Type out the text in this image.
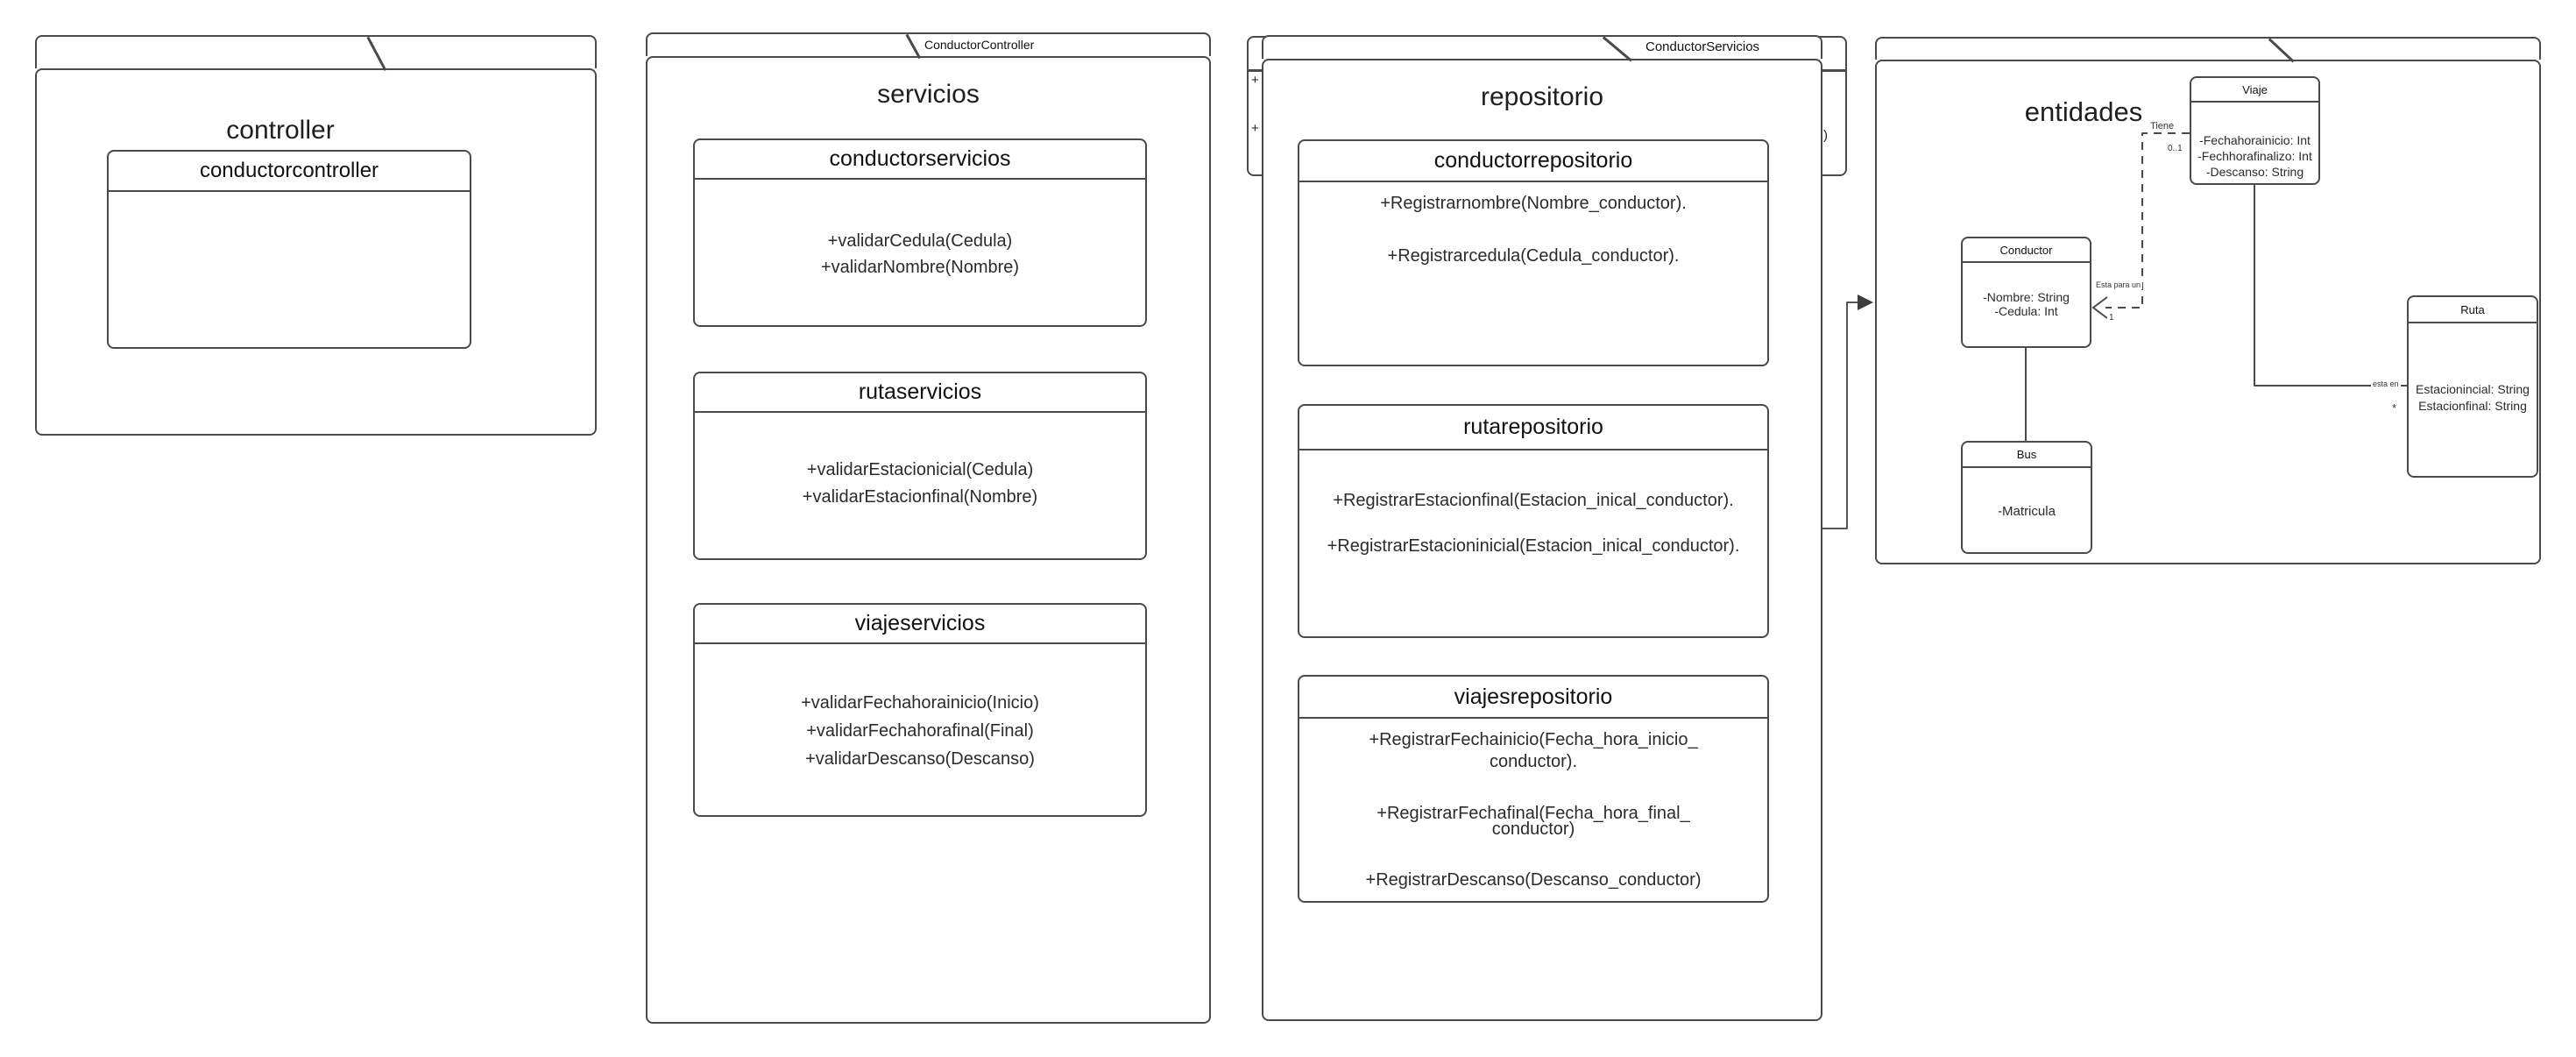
+
+	)
controller
conductorcontroller
ConductorController
servicios
conductorservicios
+validarCedula(Cedula)
+validarNombre(Nombre)
rutaservicios
+validarEstacionicial(Cedula)
+validarEstacionfinal(Nombre)
viajeservicios
+validarFechahorainicio(Inicio)
+validarFechahorafinal(Final)
+validarDescanso(Descanso)
ConductorServicios
repositorio
conductorrepositorio
+Registrarnombre(Nombre_conductor).
+Registrarcedula(Cedula_conductor).
rutarepositorio
+RegistrarEstacionfinal(Estacion_inical_conductor).
+RegistrarEstacioninicial(Estacion_inical_conductor).
viajesrepositorio
+RegistrarFechainicio(Fecha_hora_inicio_
conductor).
+RegistrarFechafinal(Fecha_hora_final_
conductor)
+RegistrarDescanso(Descanso_conductor)
entidades
Viaje
-Fechahorainicio: Int
-Fechhorafinalizo: Int
-Descanso: String
Conductor
-Nombre: String
-Cedula: Int
Bus
-Matricula
Ruta
Estacionincial: String
Estacionfinal: String
Tiene
0..1
Esta para un
1
esta en
*
